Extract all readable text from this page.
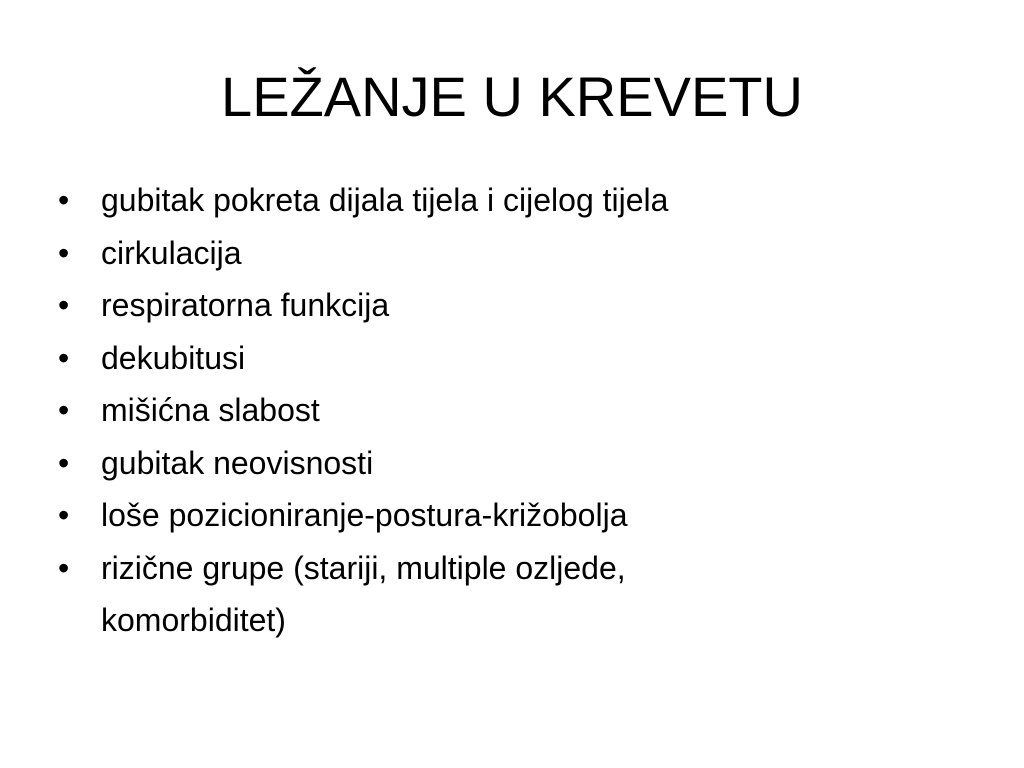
LEŽANJE U KREVETU
• gubitak pokreta dijala tijela i cijelog tijela
• cirkulacija
• respiratorna funkcija
• dekubitusi
• mišićna slabost
• gubitak neovisnosti
• loše pozicioniranje-postura-križobolja
• rizične grupe (stariji, multiple ozljede,
komorbiditet)
